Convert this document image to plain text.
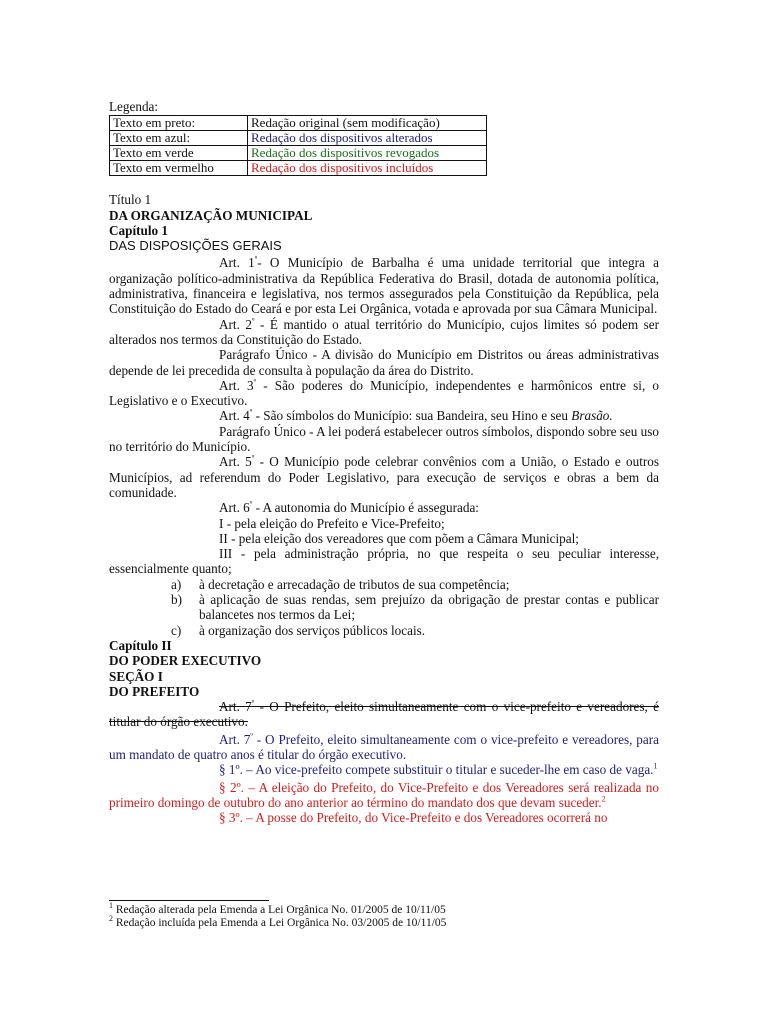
Legenda:

Texto em preto:	Redação original (sem modificação)
Texto em azul:	Redação dos dispositivos alterados
Texto em verde	Redação dos dispositivos revogados
Texto em vermelho	Redação dos dispositivos incluídos

Título 1

DA ORGANIZAÇÃO MUNICIPAL

Capítulo 1

DAS DISPOSIÇÕES GERAIS

Art. $1^º-$ O Município de Barbalha é uma unidade territorial que integra a organização político-administrativa da República Federativa do Brasil, dotada de autonomia política, administrativa, financeira e legislativa, nos termos assegurados pela Constituição da República, pela Constituição do Estado do Ceará e por esta Lei Orgânica, votada e aprovada por sua Câmara Municipal.

Art. $2^º$ - É mantido o atual território do Município, cujos limites só podem ser alterados nos termos da Constituição do Estado.

Parágrafo Único - A divisão do Município em Distritos ou áreas administrativas depende de lei precedida de consulta à população da área do Distrito.

Art. $3^º$ - São poderes do Município, independentes e harmônicos entre si, o Legislativo e o Executivo.

Art. $4^º$ - São símbolos do Município: sua Bandeira, seu Hino e seu Brasão.

Parágrafo Único - A lei poderá estabelecer outros símbolos, dispondo sobre seu uso no território do Município.

Art. $5^º$ - O Município pode celebrar convênios com a União, o Estado e outros Municípios, ad referendum do Poder Legislativo, para execução de serviços e obras a bem da comunidade.

Art. $6^º$ - A autonomia do Município é assegurada:

I - pela eleição do Prefeito e Vice-Prefeito;

II - pela eleição dos vereadores que com põem a Câmara Municipal;

III - pela administração própria, no que respeita o seu peculiar interesse, essencialmente quanto;

a)	à decretação e arrecadação de tributos de sua competência;
b)	à aplicação de suas rendas, sem prejuízo da obrigação de prestar contas e publicar balancetes nos termos da Lei;
c)	à organização dos serviços públicos locais.

Capítulo II

DO PODER EXECUTIVO

SEÇÃO I

DO PREFEITO

Art. $7^º$ - O Prefeito, eleito simultaneamente com o vice-prefeito e vereadores, é titular do órgão executivo.

Art. $7^º$ - O Prefeito, eleito simultaneamente com o vice-prefeito e vereadores, para um mandato de quatro anos é titular do órgão executivo.

§ 1º. – Ao vice-prefeito compete substituir o titular e suceder-lhe em caso de vaga.$^1$

§ 2º. – A eleição do Prefeito, do Vice-Prefeito e dos Vereadores será realizada no primeiro domingo de outubro do ano anterior ao término do mandato dos que devam suceder.$^2$

§ 3º. – A posse do Prefeito, do Vice-Prefeito e dos Vereadores ocorrerá no

$^1$ Redação alterada pela Emenda a Lei Orgânica No. 01/2005 de 10/11/05

$^2$ Redação incluída pela Emenda a Lei Orgânica No. 03/2005 de 10/11/05
